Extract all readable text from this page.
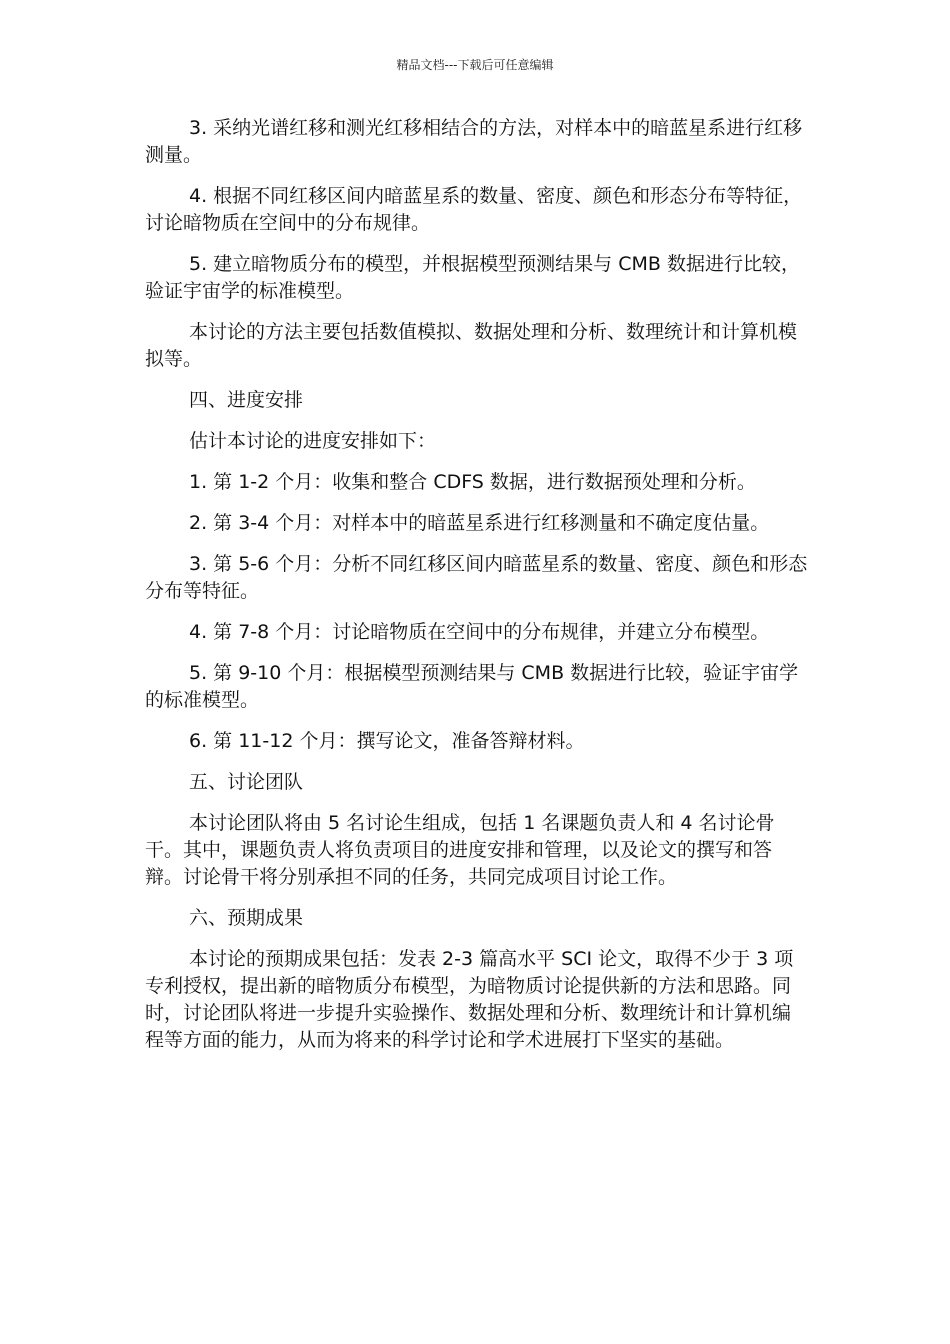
精品文档---下载后可任意编辑

3. 采纳光谱红移和测光红移相结合的方法，对样本中的暗蓝星系进行红移测量。

4. 根据不同红移区间内暗蓝星系的数量、密度、颜色和形态分布等特征，讨论暗物质在空间中的分布规律。

5. 建立暗物质分布的模型，并根据模型预测结果与 CMB 数据进行比较，验证宇宙学的标准模型。

本讨论的方法主要包括数值模拟、数据处理和分析、数理统计和计算机模拟等。

四、进度安排

估计本讨论的进度安排如下：

1. 第 1-2 个月：收集和整合 CDFS 数据，进行数据预处理和分析。

2. 第 3-4 个月：对样本中的暗蓝星系进行红移测量和不确定度估量。

3. 第 5-6 个月：分析不同红移区间内暗蓝星系的数量、密度、颜色和形态分布等特征。

4. 第 7-8 个月：讨论暗物质在空间中的分布规律，并建立分布模型。

5. 第 9-10 个月：根据模型预测结果与 CMB 数据进行比较，验证宇宙学的标准模型。

6. 第 11-12 个月：撰写论文，准备答辩材料。

五、讨论团队

本讨论团队将由 5 名讨论生组成，包括 1 名课题负责人和 4 名讨论骨干。其中，课题负责人将负责项目的进度安排和管理，以及论文的撰写和答辩。讨论骨干将分别承担不同的任务，共同完成项目讨论工作。

六、预期成果

本讨论的预期成果包括：发表 2-3 篇高水平 SCI 论文，取得不少于 3 项专利授权，提出新的暗物质分布模型，为暗物质讨论提供新的方法和思路。同时，讨论团队将进一步提升实验操作、数据处理和分析、数理统计和计算机编程等方面的能力，从而为将来的科学讨论和学术进展打下坚实的基础。
